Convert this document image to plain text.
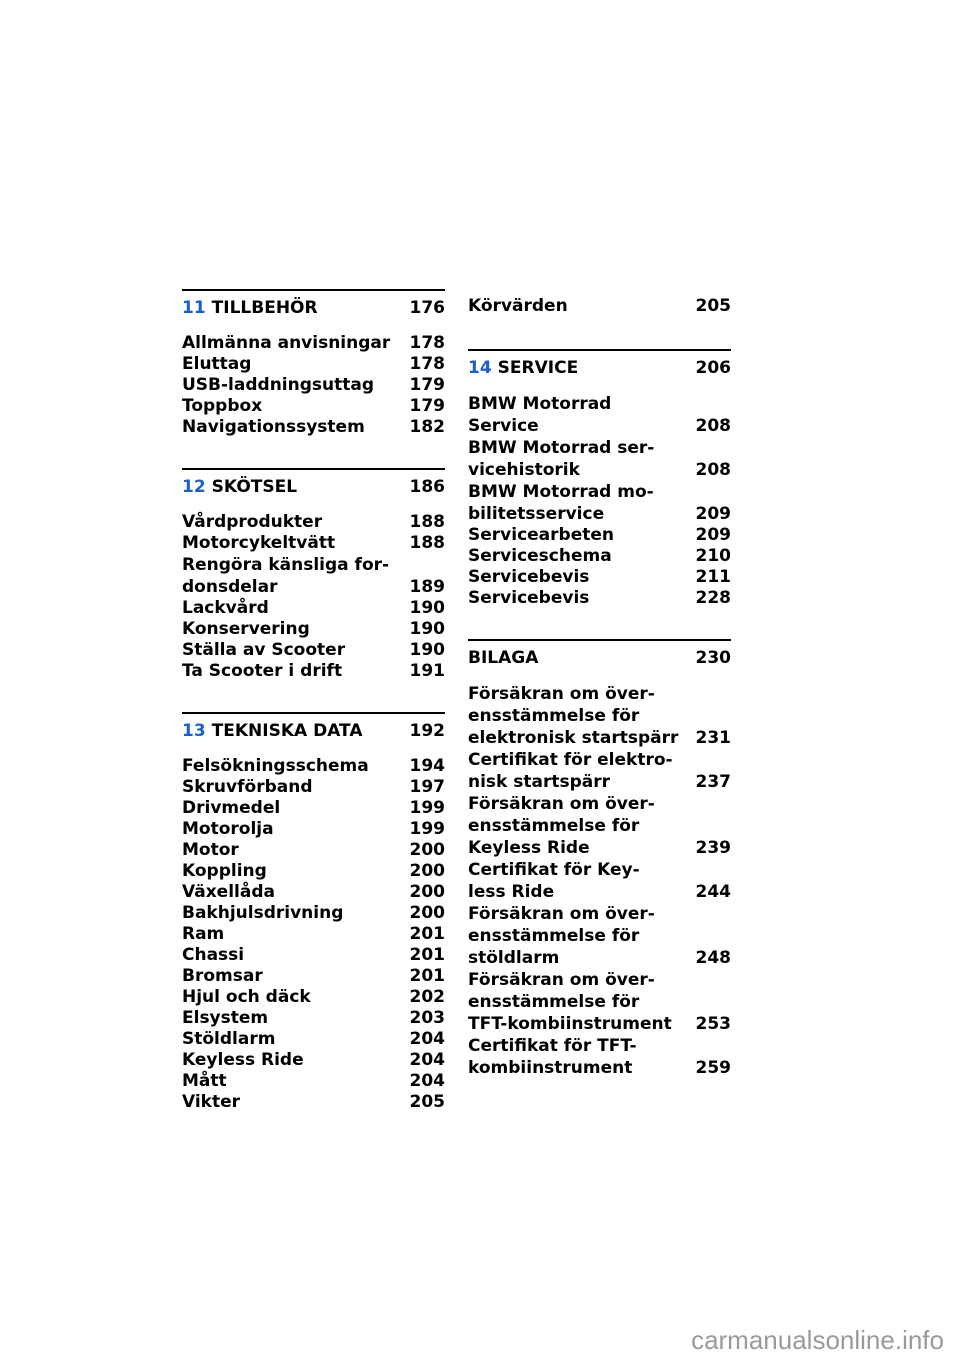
11 TILLBEHÖR	176
Allmänna anvisningar	178
Eluttag	178
USB-laddningsuttag	179
Toppbox	179
Navigationssystem	182
12 SKÖTSEL	186
Vårdprodukter	188
Motorcykeltvätt	188
Rengöra känsliga for-
donsdelar	189
Lackvård	190
Konservering	190
Ställa av Scooter	190
Ta Scooter i drift	191
13 TEKNISKA DATA	192
Felsökningsschema	194
Skruvförband	197
Drivmedel	199
Motorolja	199
Motor	200
Koppling	200
Växellåda	200
Bakhjulsdrivning	200
Ram	201
Chassi	201
Bromsar	201
Hjul och däck	202
Elsystem	203
Stöldlarm	204
Keyless Ride	204
Mått	204
Vikter	205
Körvärden	205
14 SERVICE	206
BMW Motorrad
Service	208
BMW Motorrad ser-
vicehistorik	208
BMW Motorrad mo-
bilitetsservice	209
Servicearbeten	209
Serviceschema	210
Servicebevis	211
Servicebevis	228
BILAGA	230
Försäkran om över-
ensstämmelse för
elektronisk startspärr	231
Certifikat för elektro-
nisk startspärr	237
Försäkran om över-
ensstämmelse för
Keyless Ride	239
Certifikat för Key-
less Ride	244
Försäkran om över-
ensstämmelse för
stöldlarm	248
Försäkran om över-
ensstämmelse för
TFT-kombiinstrument	253
Certifikat för TFT-
kombiinstrument	259
carmanualsonline.info
